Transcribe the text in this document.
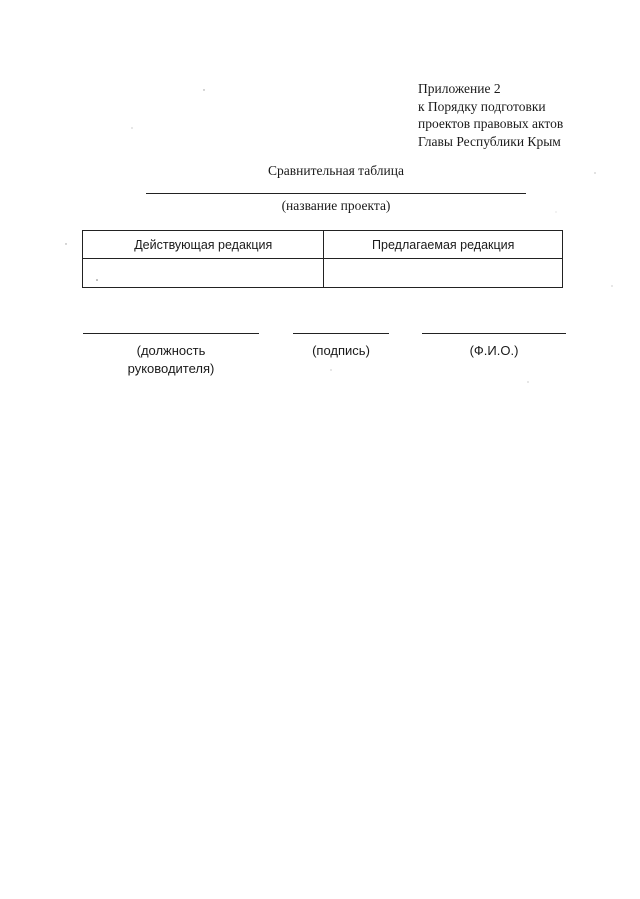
Приложение 2
к Порядку подготовки
проектов правовых актов
Главы Республики Крым
Сравнительная таблица
(название проекта)
Действующая редакция	Предлагаемая редакция

(должность
руководителя)
(подпись)	(Ф.И.О.)
